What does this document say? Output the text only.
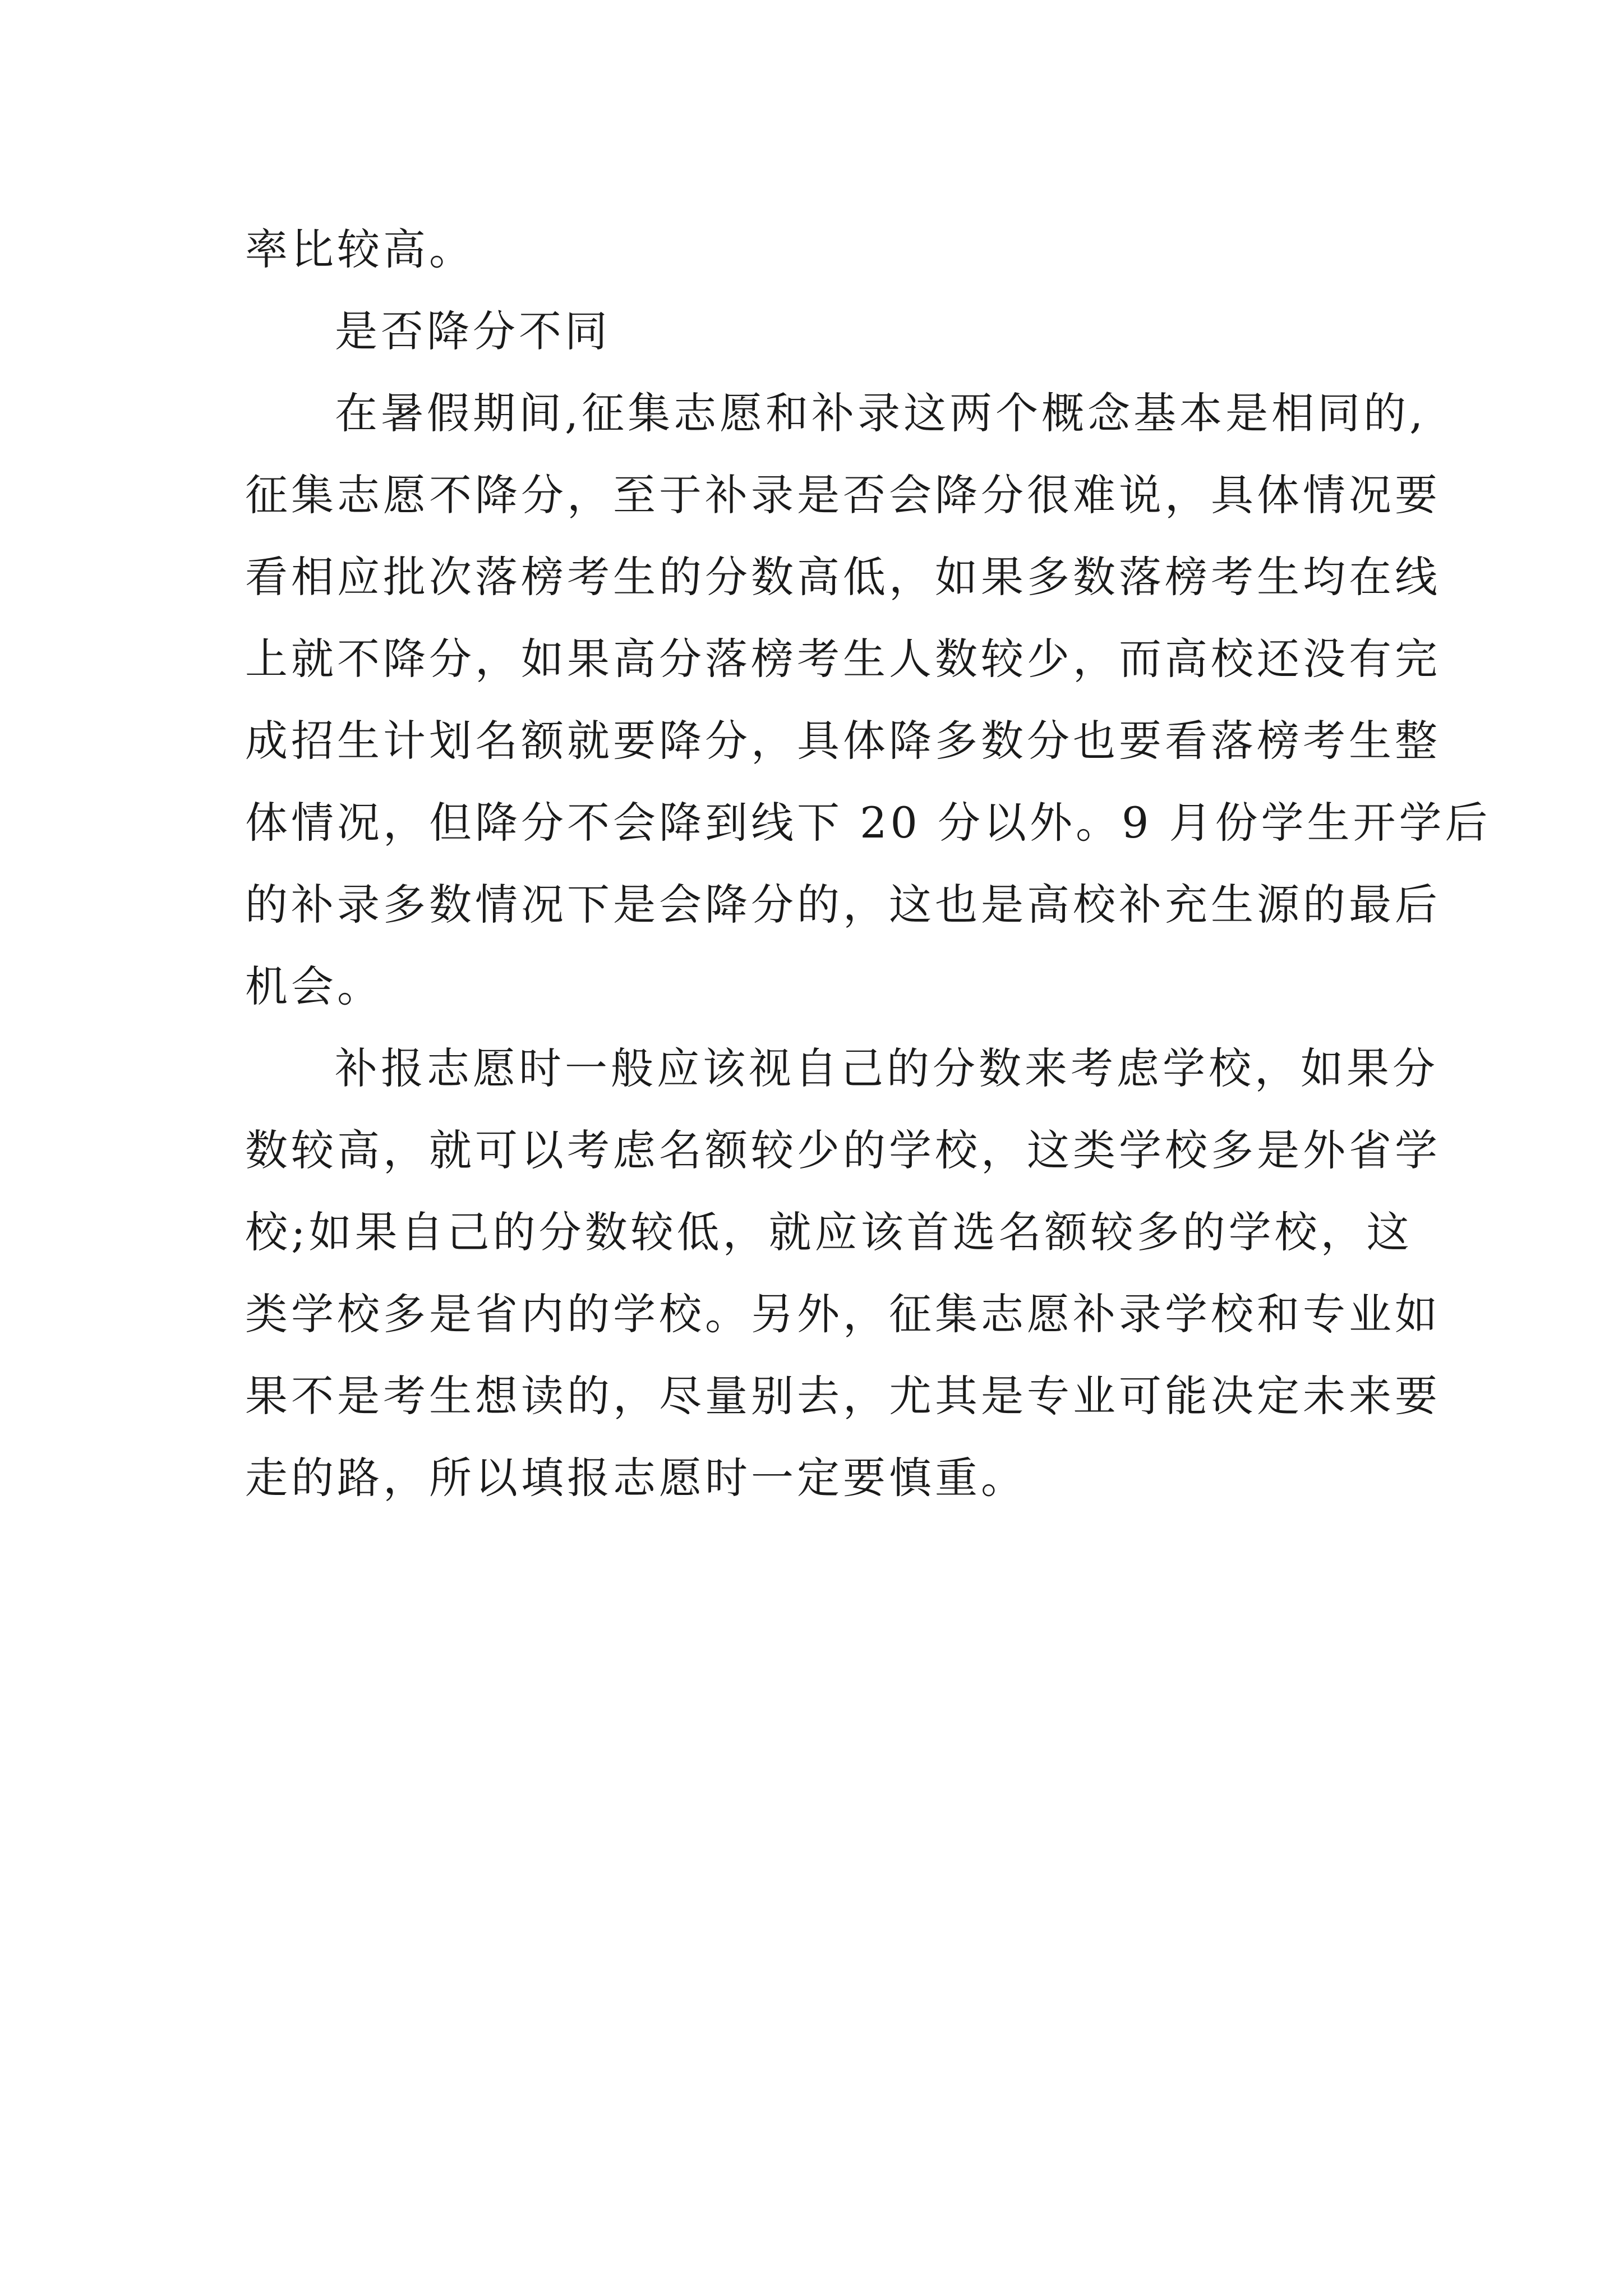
率比较高。
是否降分不同
在暑假期间,征集志愿和补录这两个概念基本是相同的,
征集志愿不降分，至于补录是否会降分很难说，具体情况要
看相应批次落榜考生的分数高低，如果多数落榜考生均在线
上就不降分，如果高分落榜考生人数较少，而高校还没有完
成招生计划名额就要降分，具体降多数分也要看落榜考生整
体情况，但降分不会降到线下 20 分以外。9 月份学生开学后
的补录多数情况下是会降分的，这也是高校补充生源的最后
机会。
补报志愿时一般应该视自己的分数来考虑学校，如果分
数较高，就可以考虑名额较少的学校，这类学校多是外省学
校;如果自己的分数较低，就应该首选名额较多的学校，这
类学校多是省内的学校。另外，征集志愿补录学校和专业如
果不是考生想读的，尽量别去，尤其是专业可能决定未来要
走的路，所以填报志愿时一定要慎重。
